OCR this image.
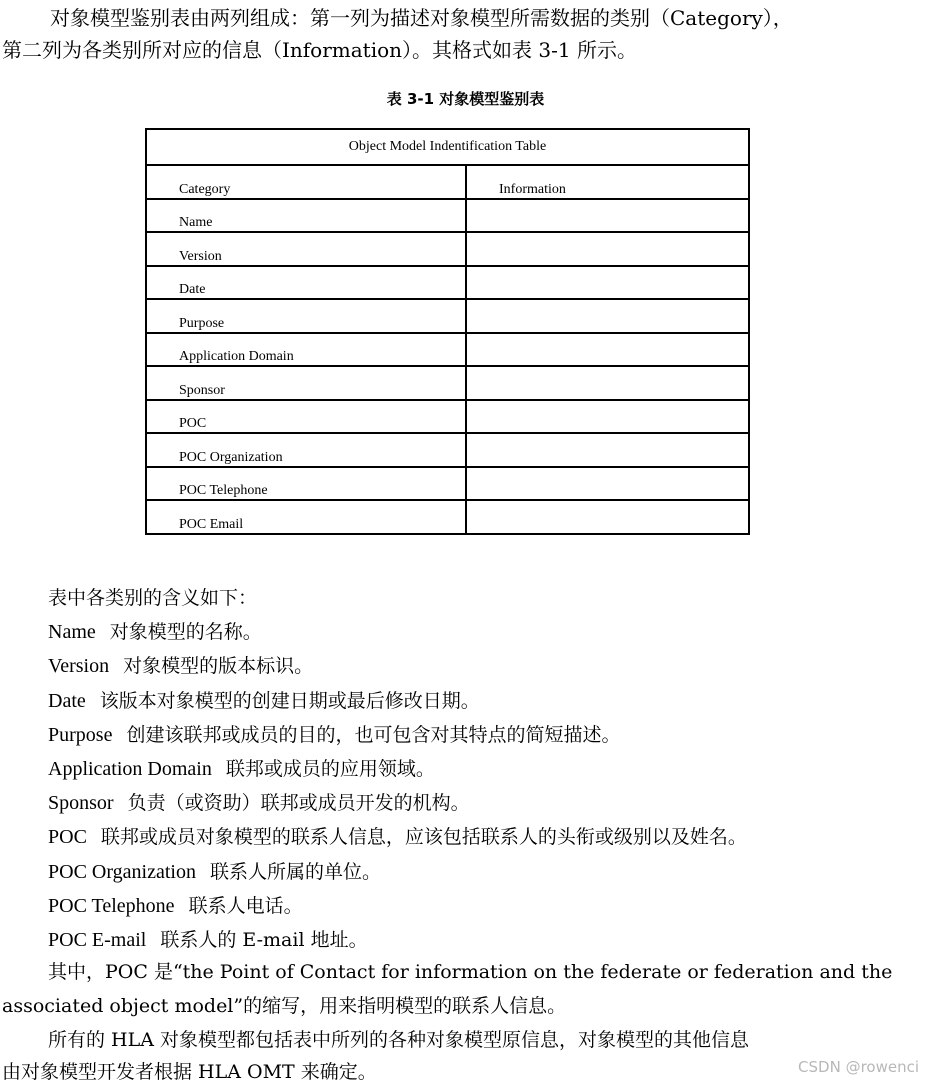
对象模型鉴别表由两列组成：第一列为描述对象模型所需数据的类别（Category），
第二列为各类别所对应的信息（Information）。其格式如表 3-1 所示。
表 3-1 对象模型鉴别表
Object Model Indentification Table	
Category	Information
Name	
Version	
Date	
Purpose	
Application Domain	
Sponsor	
POC	
POC Organization	
POC Telephone	
POC Email	
表中各类别的含义如下：
Name 对象模型的名称。
Version 对象模型的版本标识。
Date 该版本对象模型的创建日期或最后修改日期。
Purpose 创建该联邦或成员的目的，也可包含对其特点的简短描述。
Application Domain 联邦或成员的应用领域。
Sponsor 负责（或资助）联邦或成员开发的机构。
POC 联邦或成员对象模型的联系人信息，应该包括联系人的头衔或级别以及姓名。
POC Organization 联系人所属的单位。
POC Telephone 联系人电话。
POC E-mail 联系人的 E-mail 地址。
其中，POC 是“the Point of Contact for information on the federate or federation and the
associated object model”的缩写，用来指明模型的联系人信息。
所有的 HLA 对象模型都包括表中所列的各种对象模型原信息，对象模型的其他信息
由对象模型开发者根据 HLA OMT 来确定。	CSDN @rowenci
